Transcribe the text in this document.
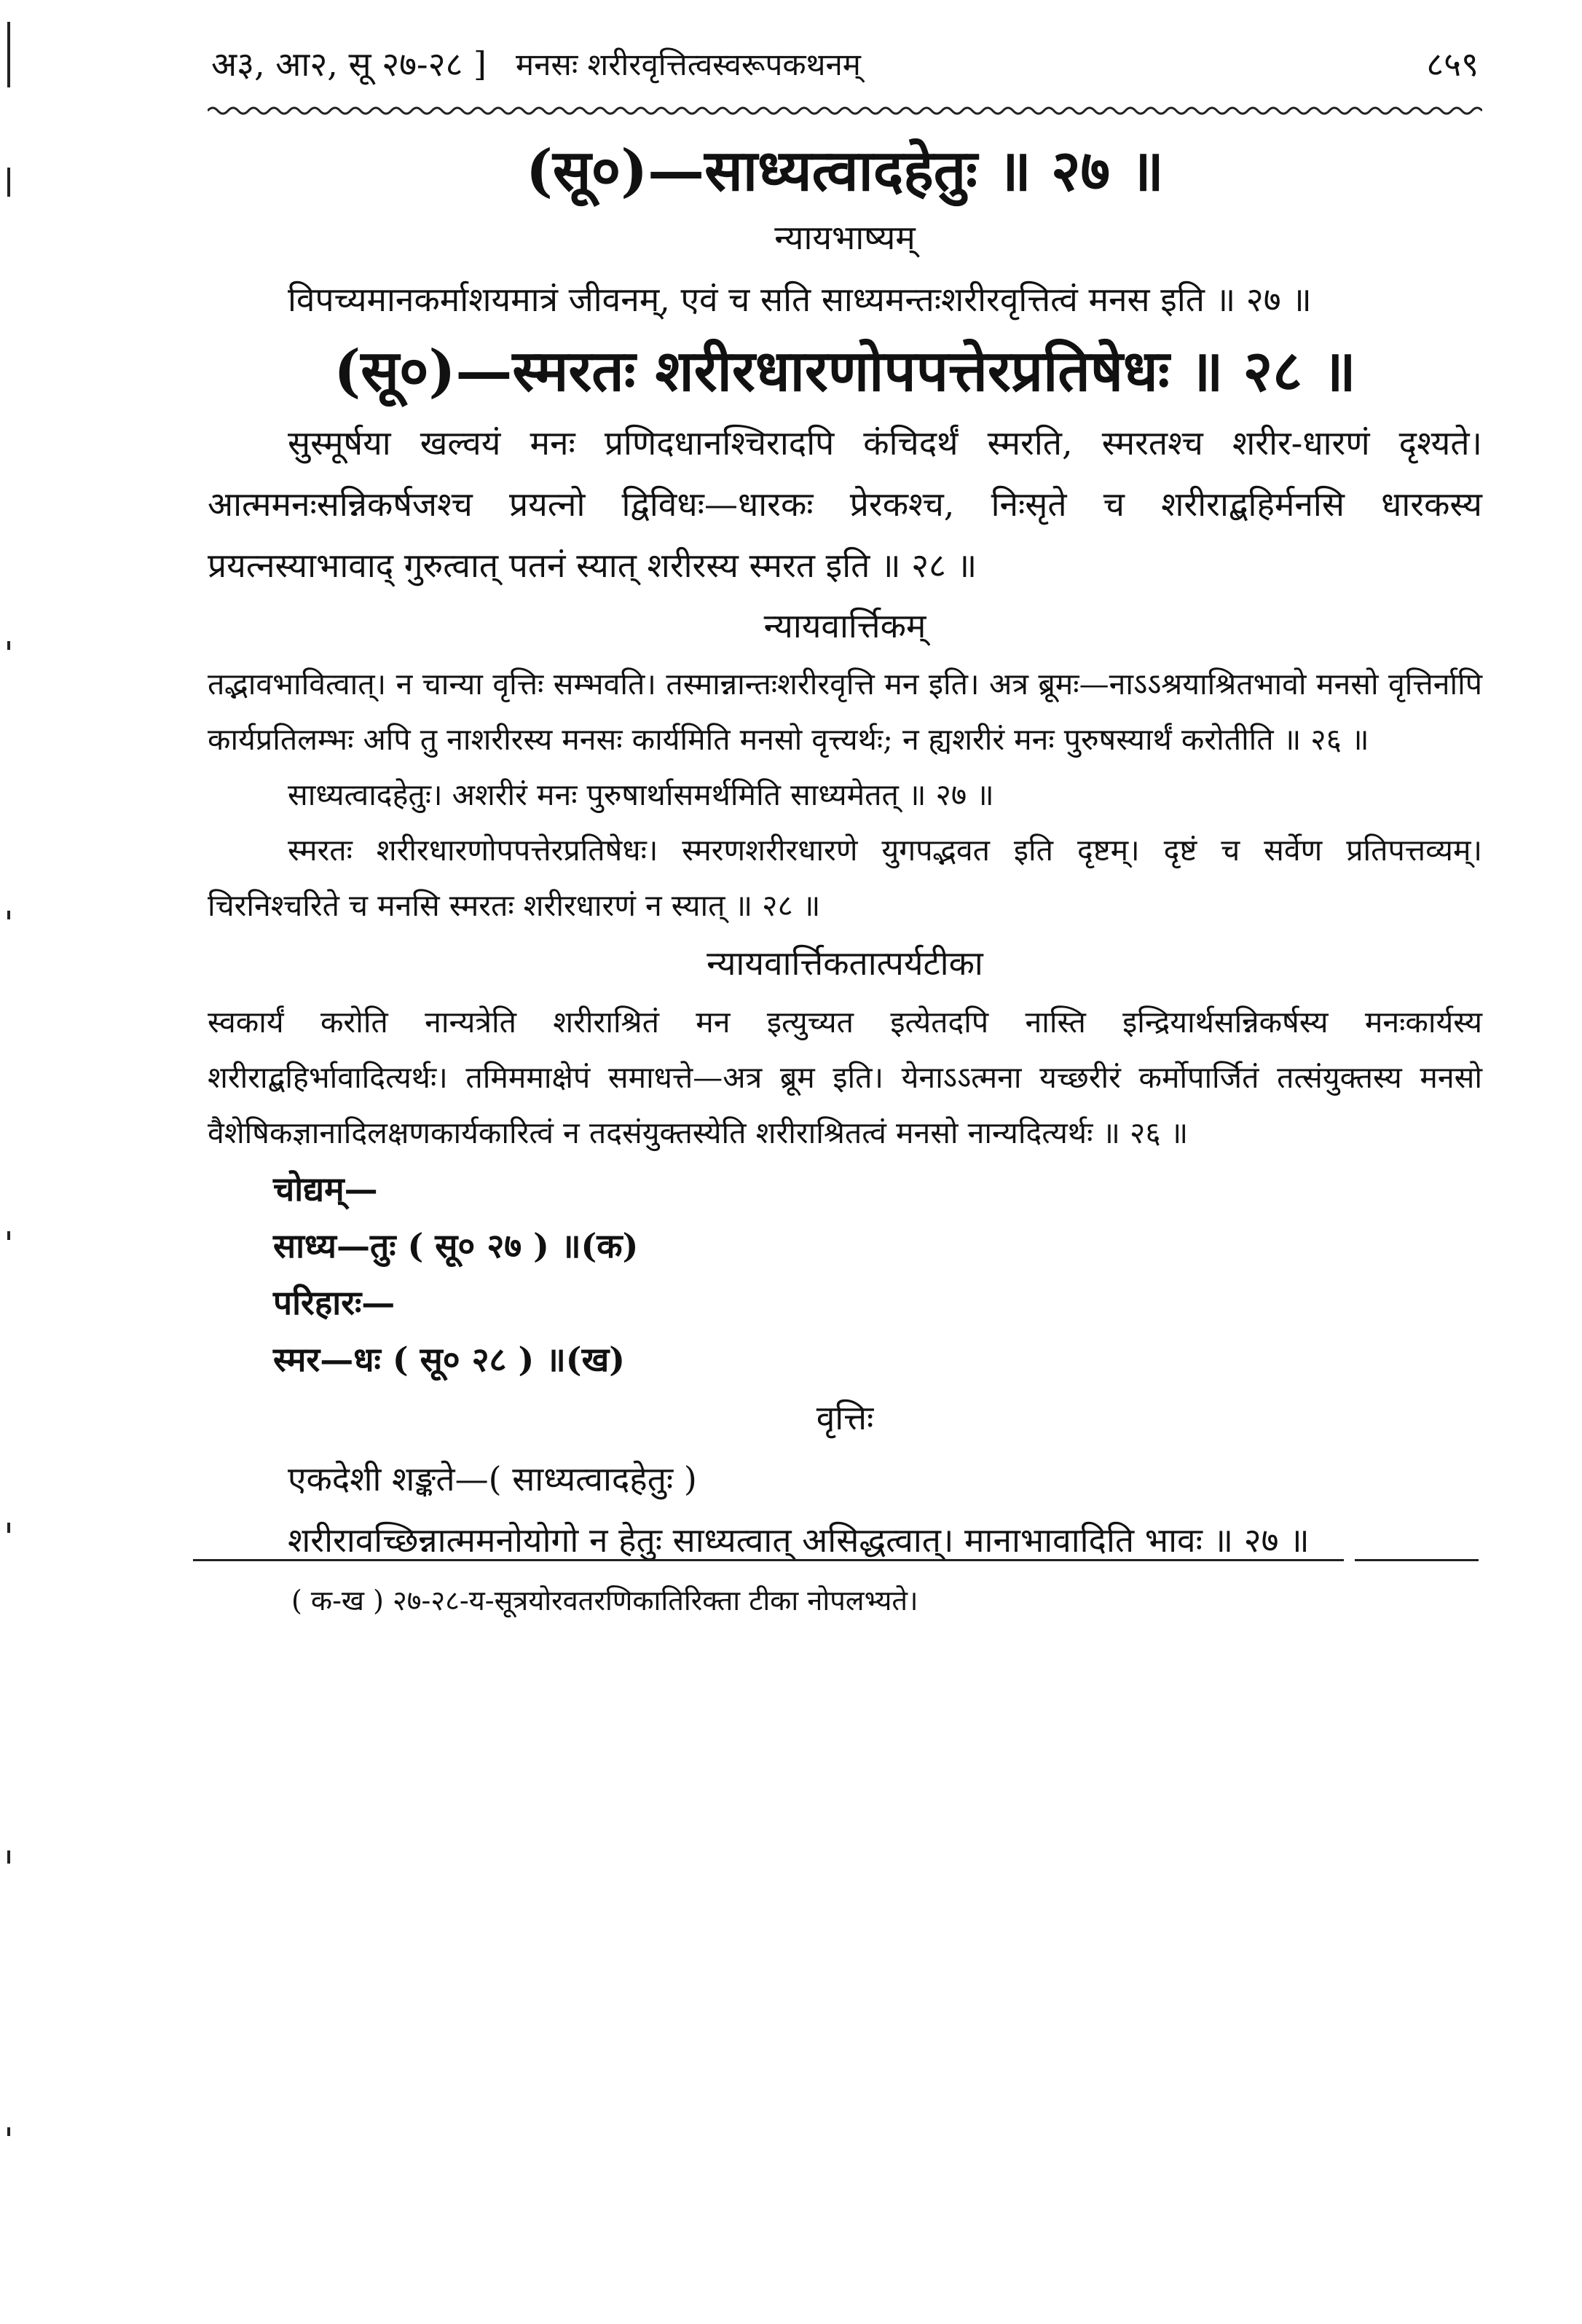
अ३, आ२, सू २७-२८ ] मनसः शरीरवृत्तित्वस्वरूपकथनम्	८५९
(सू०)—साध्यत्वादहेतुः ॥ २७ ॥
न्यायभाष्यम्

विपच्यमानकर्माशयमात्रं जीवनम्, एवं च सति साध्यमन्तःशरीरवृत्तित्वं मनस इति ॥ २७ ॥

(सू०)—स्मरतः शरीरधारणोपपत्तेरप्रतिषेधः ॥ २८ ॥

सुस्मूर्षया खल्वयं मनः प्रणिदधानश्चिरादपि कंचिदर्थं स्मरति, स्मरतश्च शरीर-धारणं दृश्यते। आत्ममनःसन्निकर्षजश्च प्रयत्नो द्विविधः—धारकः प्रेरकश्च, निःसृते च शरीराद्बहिर्मनसि धारकस्य प्रयत्नस्याभावाद् गुरुत्वात् पतनं स्यात् शरीरस्य स्मरत इति ॥ २८ ॥

न्यायवार्त्तिकम्

तद्भावभावित्वात्। न चान्या वृत्तिः सम्भवति। तस्मान्नान्तःशरीरवृत्ति मन इति। अत्र ब्रूमः—नाऽऽश्रयाश्रितभावो मनसो वृत्तिर्नापि कार्यप्रतिलम्भः अपि तु नाशरीरस्य मनसः कार्यमिति मनसो वृत्त्यर्थः; न ह्यशरीरं मनः पुरुषस्यार्थं करोतीति ॥ २६ ॥

साध्यत्वादहेतुः। अशरीरं मनः पुरुषार्थासमर्थमिति साध्यमेतत् ॥ २७ ॥

स्मरतः शरीरधारणोपपत्तेरप्रतिषेधः। स्मरणशरीरधारणे युगपद्भवत इति दृष्टम्। दृष्टं च सर्वेण प्रतिपत्तव्यम्। चिरनिश्चरिते च मनसि स्मरतः शरीरधारणं न स्यात् ॥ २८ ॥

न्यायवार्त्तिकतात्पर्यटीका

स्वकार्यं करोति नान्यत्रेति शरीराश्रितं मन इत्युच्यत इत्येतदपि नास्ति इन्द्रियार्थसन्निकर्षस्य मनःकार्यस्य शरीराद्बहिर्भावादित्यर्थः। तमिममाक्षेपं समाधत्ते—अत्र ब्रूम इति। येनाऽऽत्मना यच्छरीरं कर्मोपार्जितं तत्संयुक्तस्य मनसो वैशेषिकज्ञानादिलक्षणकार्यकारित्वं न तदसंयुक्तस्येति शरीराश्रितत्वं मनसो नान्यदित्यर्थः ॥ २६ ॥

चोद्यम्—
साध्य—तुः ( सू० २७ ) ॥(क)
परिहारः—
स्मर—धः ( सू० २८ ) ॥(ख)
वृत्तिः

एकदेशी शङ्कते—( साध्यत्वादहेतुः )

शरीरावच्छिन्नात्ममनोयोगो न हेतुः साध्यत्वात् असिद्धत्वात्। मानाभावादिति भावः ॥ २७ ॥

( क-ख ) २७-२८-य-सूत्रयोरवतरणिकातिरिक्ता टीका नोपलभ्यते।
